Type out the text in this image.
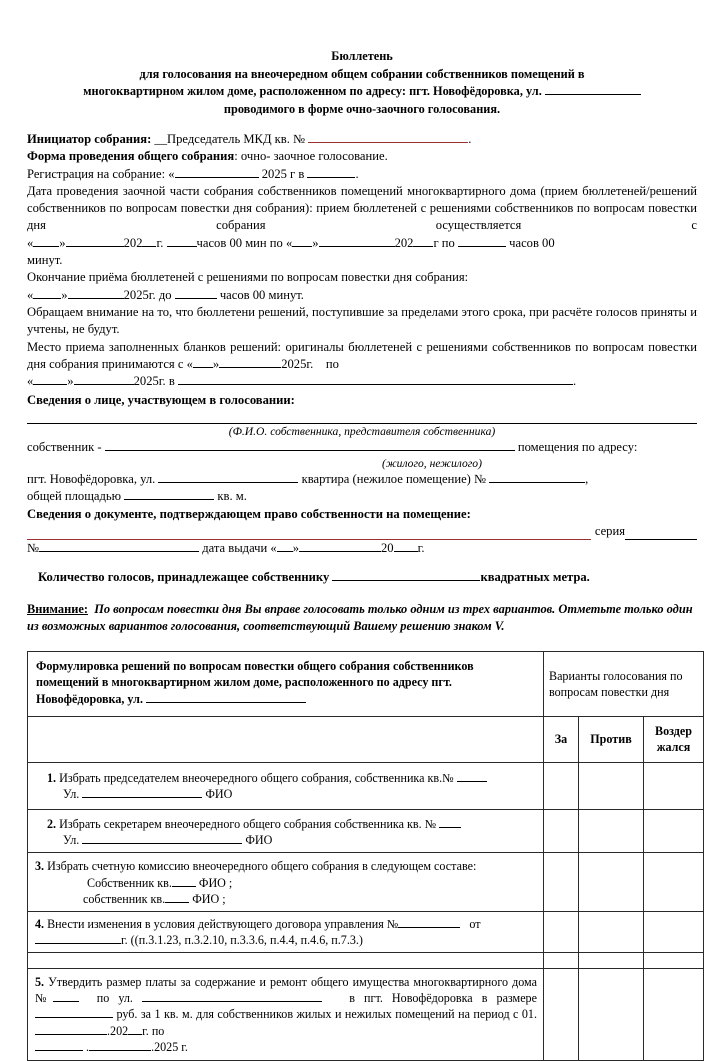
Бюллетень
для голосования на внеочередном общем собрании собственников помещений в
многоквартирном жилом доме, расположенном по адресу: пгт. Новофёдоровка, ул.
проводимого в форме очно-заочного голосования.
Инициатор собрания: __Председатель МКД кв. №	.
Форма проведения общего собрания: очно- заочное голосование.
Регистрация на собрание: «	2025 г в	.
Дата проведения заочной части собрания собственников помещений многоквартирного дома (прием бюллетеней/решений собственников по вопросам повестки дня собрания): прием бюллетеней с решениями собственников по вопросам повестки дня собрания осуществляется с
« »	202 г.	часов 00 мин по « »	202 г по	часов 00
минут.
Окончание приёма бюллетеней с решениями по вопросам повестки дня собрания:
« »	2025г. до	часов 00 минут.
Обращаем внимание на то, что бюллетени решений, поступившие за пределами этого срока, при расчёте голосов приняты и учтены, не будут.
Место приема заполненных бланков решений: оригиналы бюллетеней с решениями собственников по вопросам повестки дня собрания принимаются с « »	2025г. по
«	»	2025г. в	.
Сведения о лице, участвующем в голосовании:
(Ф.И.О. собственника, представителя собственника)
собственник -	помещения по адресу:
(жилого, нежилого)
пгт. Новофёдоровка, ул.	квартира (нежилое помещение) №	,
общей площадью	кв. м.
Сведения о документе, подтверждающем право собственности на помещение:
серия
№	дата выдачи « »	20 г.
Количество голосов, принадлежащее собственнику	квадратных метра.
Внимание: По вопросам повестки дня Вы вправе голосовать только одним из трех вариантов. Отметьте только один из возможных вариантов голосования, соответствующий Вашему решению знаком V.
Формулировка решений по вопросам повестки общего собрания собственников помещений в многоквартирном жилом доме, расположенного по адресу пгт. Новофёдоровка, ул.	Варианты голосования по вопросам повестки дня		
	За	Против	Воздер
жался

1. Избрать председателем внеочередного общего собрания, собственника кв.№
Ул. ФИО			

2. Избрать секретарем внеочередного общего собрания собственника кв. №
Ул. ФИО			

3. Избрать счетную комиссию внеочередного общего собрания в следующем составе:
Собственник кв. ФИО ;
собственник кв. ФИО ;			

4. Внести изменения в условия действующего договора управления № от
г. ((п.3.1.23, п.3.2.10, п.3.3.6, п.4.4, п.4.6, п.7.3.)			

5. Утвердить размер платы за содержание и ремонт общего имущества многоквартирного дома № по ул. в пгт. Новофёдоровка в размере  руб. за 1 кв. м. для собственников жилых и нежилых помещений на период с 01..202 г. по
. .2025 г.			
